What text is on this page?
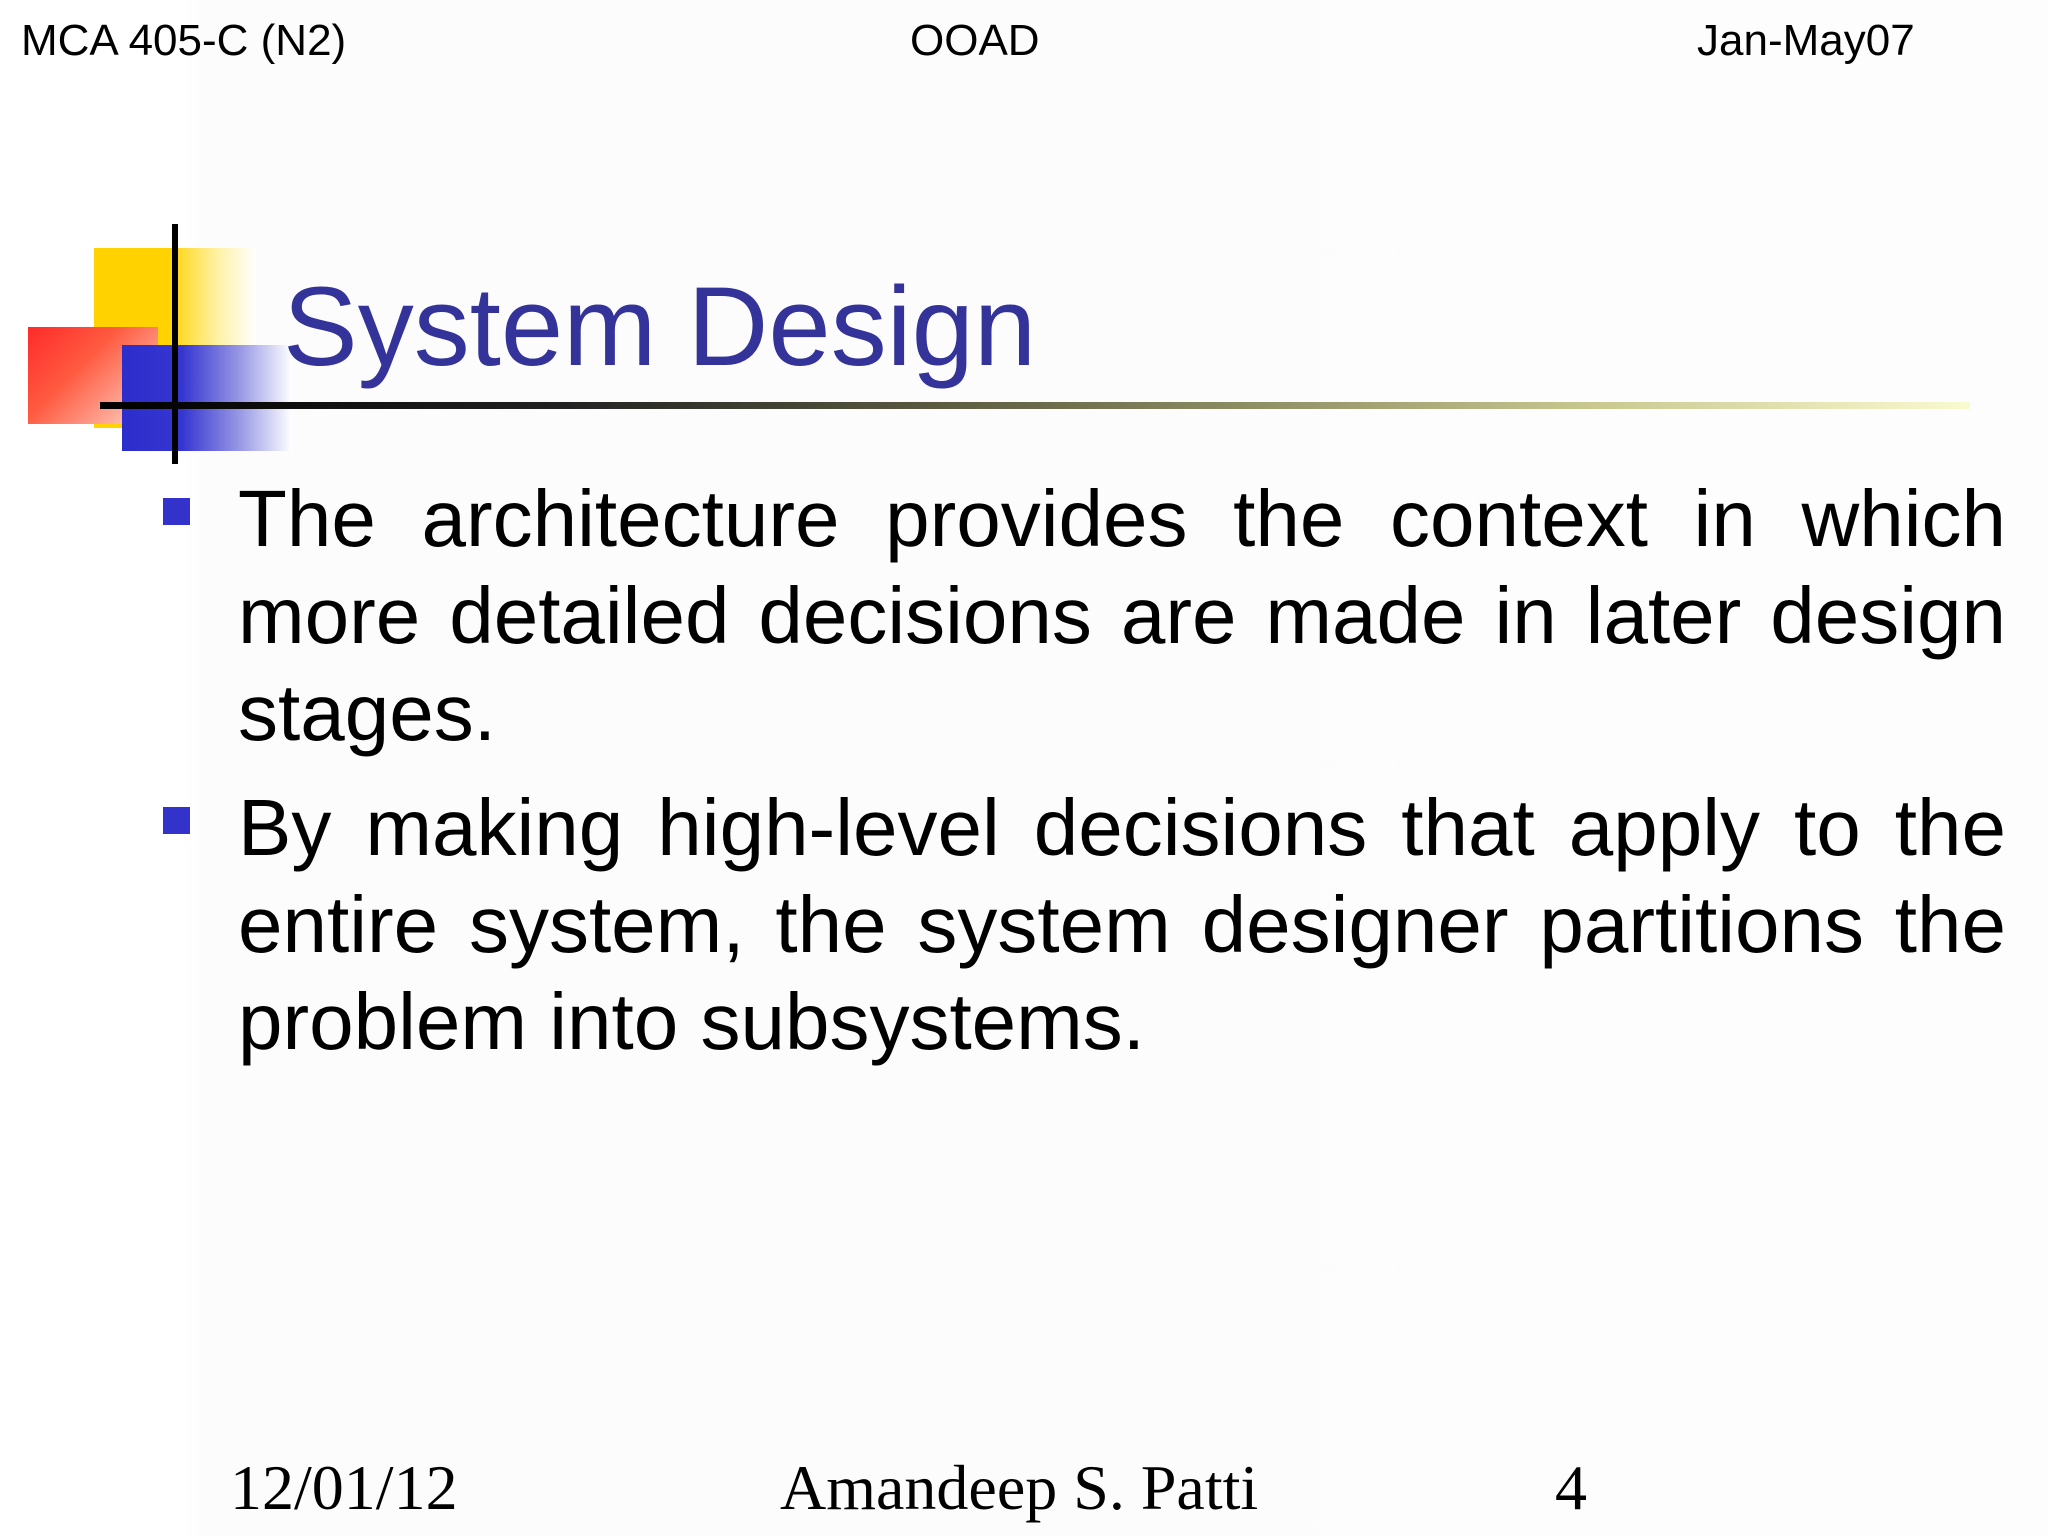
MCA 405-C (N2)	OOAD	Jan-May07
System Design
The architecture provides the context in which more detailed decisions are made in later design stages.
By making high-level decisions that apply to the entire system, the system designer partitions the problem into subsystems.
12/01/12	Amandeep S. Patti	4
